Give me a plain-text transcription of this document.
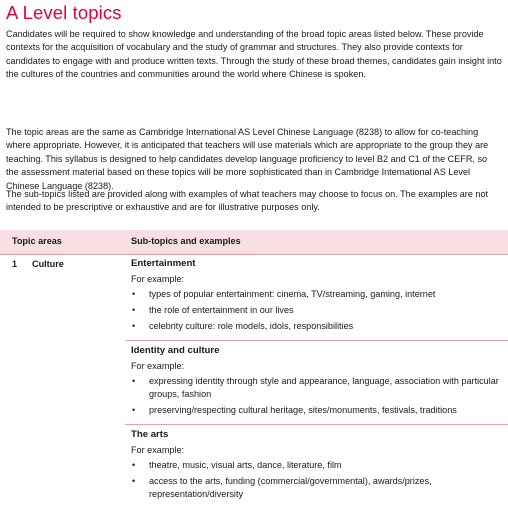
A Level topics

Candidates will be required to show knowledge and understanding of the broad topic areas listed below. These provide contexts for the acquisition of vocabulary and the study of grammar and structures. They also provide contexts for candidates to engage with and produce written texts. Through the study of these broad themes, candidates gain insight into the cultures of the countries and communities around the world where Chinese is spoken.

The topic areas are the same as Cambridge International AS Level Chinese Language (8238) to allow for co-teaching where appropriate. However, it is anticipated that teachers will use materials which are appropriate to the group they are teaching. This syllabus is designed to help candidates develop language proficiency to level B2 and C1 of the CEFR, so the assessment material based on these topics will be more sophisticated than in Cambridge International AS Level Chinese Language (8238).

The sub-topics listed are provided along with examples of what teachers may choose to focus on. The examples are not intended to be prescriptive or exhaustive and are for illustrative purposes only.

Topic areas	Sub-topics and examples
1 Culture	Entertainment
For example:
• types of popular entertainment: cinema, TV/streaming, gaming, internet
• the role of entertainment in our lives
• celebrity culture: role models, idols, responsibilities
Identity and culture
For example:
• expressing identity through style and appearance, language, association with particular groups, fashion
• preserving/respecting cultural heritage, sites/monuments, festivals, traditions
The arts
For example:
• theatre, music, visual arts, dance, literature, film
• access to the arts, funding (commercial/governmental), awards/prizes, representation/diversity
